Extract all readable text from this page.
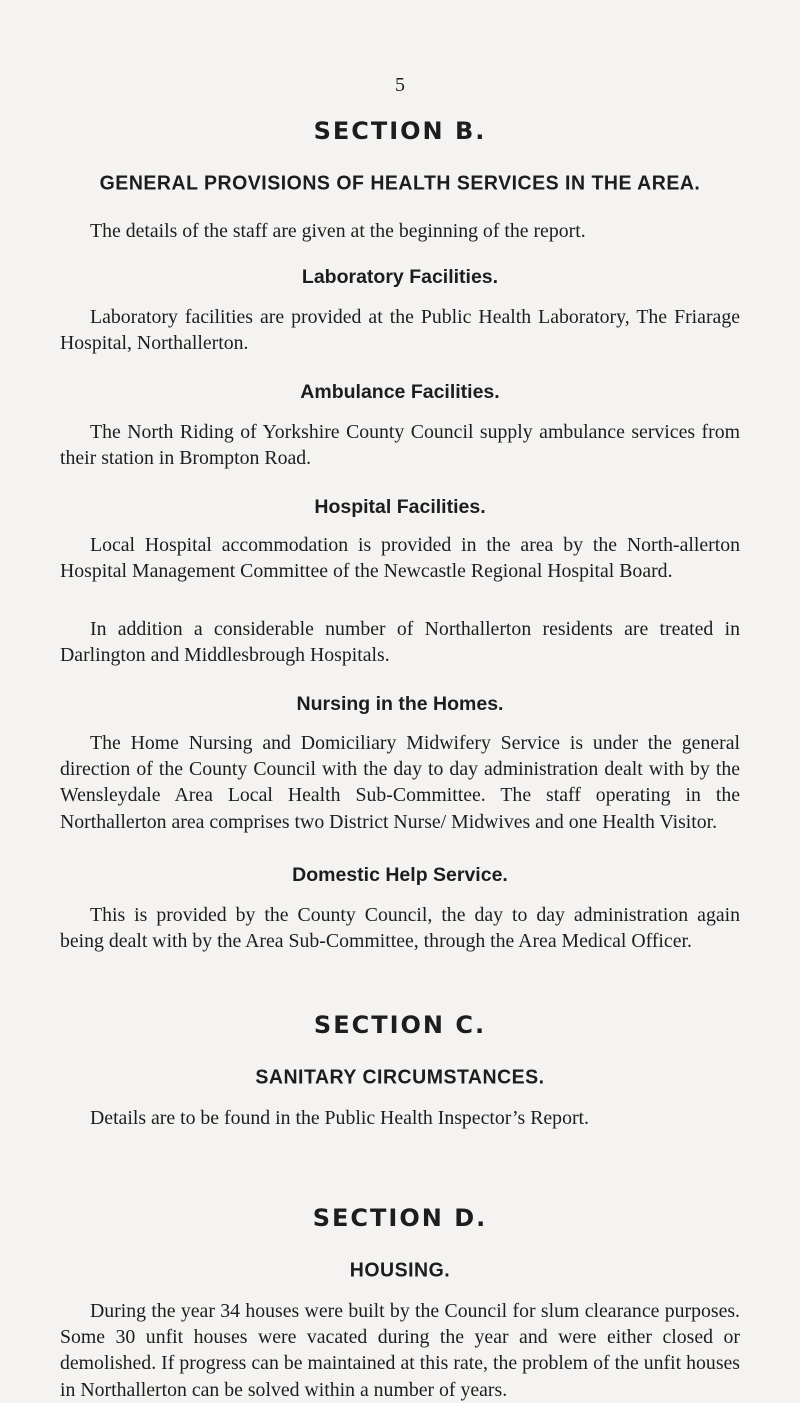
5
SECTION B.
GENERAL PROVISIONS OF HEALTH SERVICES IN THE AREA.

The details of the staff are given at the beginning of the report.

Laboratory Facilities.

Laboratory facilities are provided at the Public Health Laboratory, The Friarage Hospital, Northallerton.

Ambulance Facilities.

The North Riding of Yorkshire County Council supply ambulance services from their station in Brompton Road.

Hospital Facilities.

Local Hospital accommodation is provided in the area by the North-allerton Hospital Management Committee of the Newcastle Regional Hospital Board.

In addition a considerable number of Northallerton residents are treated in Darlington and Middlesbrough Hospitals.

Nursing in the Homes.

The Home Nursing and Domiciliary Midwifery Service is under the general direction of the County Council with the day to day administration dealt with by the Wensleydale Area Local Health Sub-Committee. The staff operating in the Northallerton area comprises two District Nurse/ Midwives and one Health Visitor.

Domestic Help Service.

This is provided by the County Council, the day to day administration again being dealt with by the Area Sub-Committee, through the Area Medical Officer.

SECTION C.
SANITARY CIRCUMSTANCES.

Details are to be found in the Public Health Inspector’s Report.

SECTION D.
HOUSING.

During the year 34 houses were built by the Council for slum clearance purposes. Some 30 unfit houses were vacated during the year and were either closed or demolished. If progress can be maintained at this rate, the problem of the unfit houses in Northallerton can be solved within a number of years.
